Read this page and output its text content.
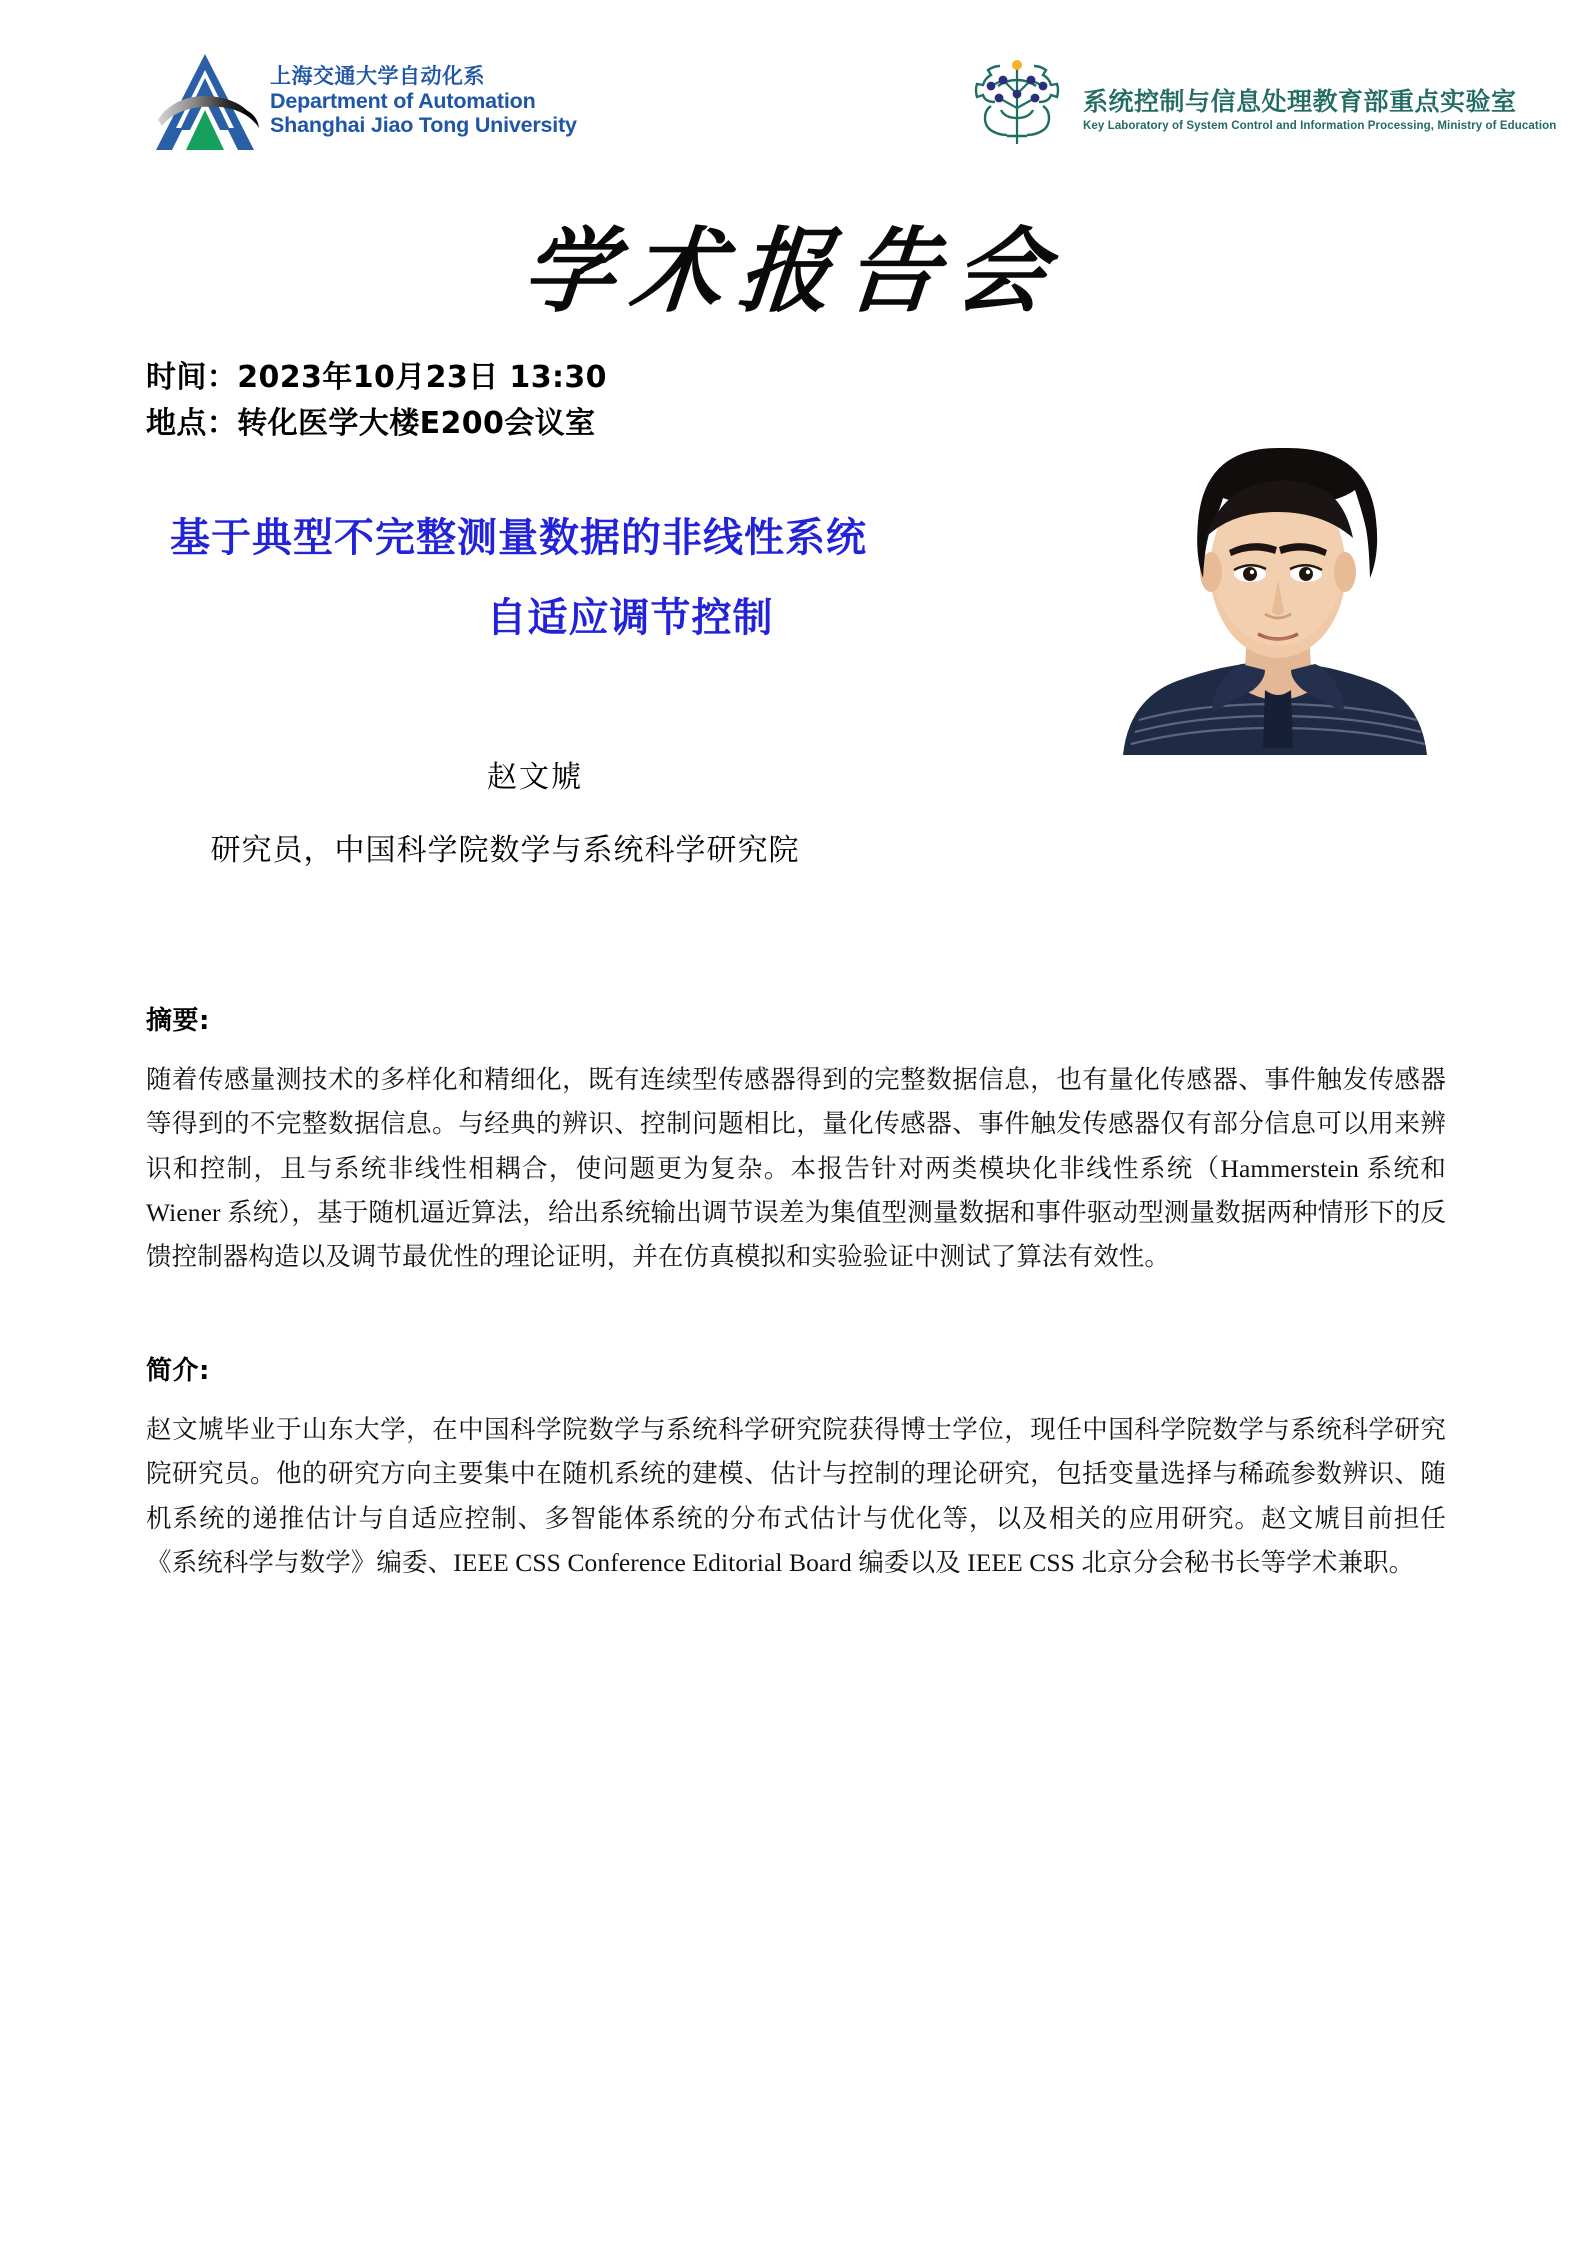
上海交通大学自动化系
Department of Automation
Shanghai Jiao Tong University
系统控制与信息处理教育部重点实验室
Key Laboratory of System Control and Information Processing, Ministry of Education
学术报告会
时间：2023年10月23日 13:30
地点：转化医学大楼E200会议室
基于典型不完整测量数据的非线性系统
自适应调节控制
赵文虓
研究员，中国科学院数学与系统科学研究院
摘要:
随着传感量测技术的多样化和精细化，既有连续型传感器得到的完整数据信息，也有量化传感器、事件触发传感器等得到的不完整数据信息。与经典的辨识、控制问题相比，量化传感器、事件触发传感器仅有部分信息可以用来辨识和控制，且与系统非线性相耦合，使问题更为复杂。本报告针对两类模块化非线性系统（Hammerstein 系统和 Wiener 系统），基于随机逼近算法，给出系统输出调节误差为集值型测量数据和事件驱动型测量数据两种情形下的反馈控制器构造以及调节最优性的理论证明，并在仿真模拟和实验验证中测试了算法有效性。
简介:
赵文虓毕业于山东大学，在中国科学院数学与系统科学研究院获得博士学位，现任中国科学院数学与系统科学研究院研究员。他的研究方向主要集中在随机系统的建模、估计与控制的理论研究，包括变量选择与稀疏参数辨识、随机系统的递推估计与自适应控制、多智能体系统的分布式估计与优化等，以及相关的应用研究。赵文虓目前担任《系统科学与数学》编委、IEEE CSS Conference Editorial Board 编委以及 IEEE CSS 北京分会秘书长等学术兼职。
